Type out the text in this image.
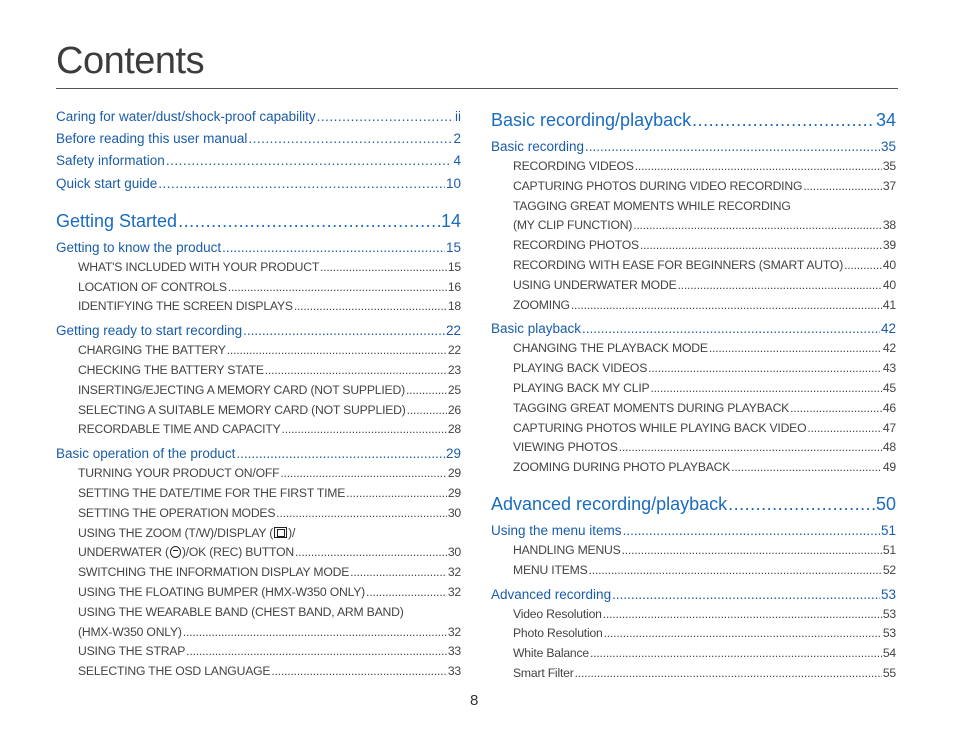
Contents
Caring for water/dust/shock-proof capability .....	ii
Before reading this user manual .....	2
Safety information .....	4
Quick start guide .....	10
Getting Started .....	14
Getting to know the product .....	15
WHAT'S INCLUDED WITH YOUR PRODUCT .....	15
LOCATION OF CONTROLS .....	16
IDENTIFYING THE SCREEN DISPLAYS .....	18
Getting ready to start recording .....	22
CHARGING THE BATTERY .....	22
CHECKING THE BATTERY STATE .....	23
INSERTING/EJECTING A MEMORY CARD (NOT SUPPLIED) .....	25
SELECTING A SUITABLE MEMORY CARD (NOT SUPPLIED) .....	26
RECORDABLE TIME AND CAPACITY .....	28
Basic operation of the product .....	29
TURNING YOUR PRODUCT ON/OFF .....	29
SETTING THE DATE/TIME FOR THE FIRST TIME .....	29
SETTING THE OPERATION MODES .....	30
USING THE ZOOM (T/W)/DISPLAY ( )/
UNDERWATER ( )/OK (REC) BUTTON .....	30
SWITCHING THE INFORMATION DISPLAY MODE .....	32
USING THE FLOATING BUMPER (HMX-W350 ONLY) .....	32
USING THE WEARABLE BAND (CHEST BAND, ARM BAND)
(HMX-W350 ONLY) .....	32
USING THE STRAP .....	33
SELECTING THE OSD LANGUAGE .....	33
Basic recording/playback .....	34
Basic recording .....	35
RECORDING VIDEOS .....	35
CAPTURING PHOTOS DURING VIDEO RECORDING .....	37
TAGGING GREAT MOMENTS WHILE RECORDING
(MY CLIP FUNCTION) .....	38
RECORDING PHOTOS .....	39
RECORDING WITH EASE FOR BEGINNERS (SMART AUTO) .....	40
USING UNDERWATER MODE .....	40
ZOOMING .....	41
Basic playback .....	42
CHANGING THE PLAYBACK MODE .....	42
PLAYING BACK VIDEOS .....	43
PLAYING BACK MY CLIP .....	45
TAGGING GREAT MOMENTS DURING PLAYBACK .....	46
CAPTURING PHOTOS WHILE PLAYING BACK VIDEO .....	47
VIEWING PHOTOS .....	48
ZOOMING DURING PHOTO PLAYBACK .....	49
Advanced recording/playback .....	50
Using the menu items .....	51
HANDLING MENUS .....	51
MENU ITEMS .....	52
Advanced recording .....	53
Video Resolution .....	53
Photo Resolution .....	53
White Balance .....	54
Smart Filter .....	55
8
